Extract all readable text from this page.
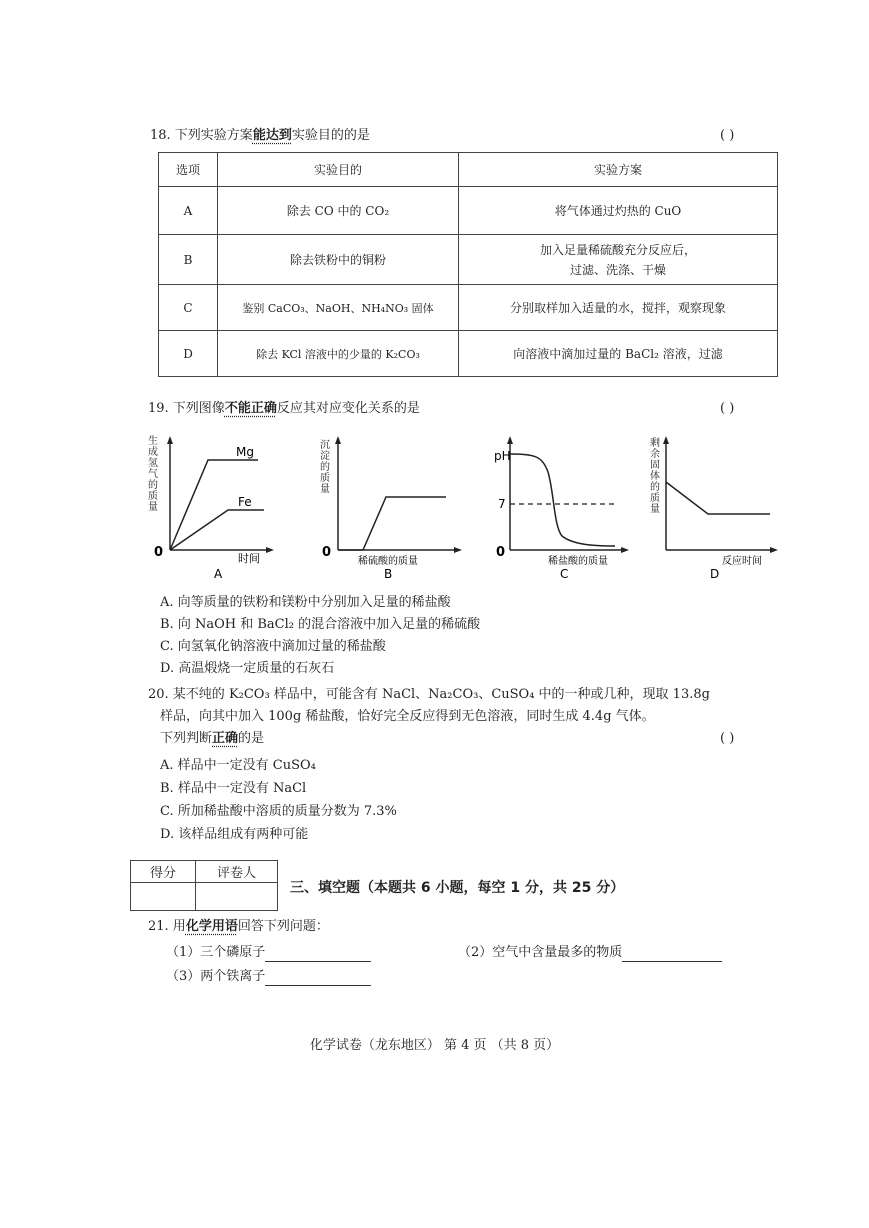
18. 下列实验方案能达到实验目的的是	( )
选项	实验目的	实验方案
A	除去 CO 中的 CO₂	将气体通过灼热的 CuO

B	除去铁粉中的铜粉	加入足量稀硫酸充分反应后，
过滤、洗涤、干燥

C	鉴别 CaCO₃、NaOH、NH₄NO₃ 固体	分别取样加入适量的水，搅拌，观察现象

D	除去 KCl 溶液中的少量的 K₂CO₃	向溶液中滴加过量的 BaCl₂ 溶液，过滤
19. 下列图像不能正确反应其对应变化关系的是	( )
Mg
Fe
0	时间
A
生成氢气的质量
0
稀硫酸的质量
B
沉淀的质量
pH
7
0
稀盐酸的质量
C
反应时间
D
剩余固体的质量
A. 向等质量的铁粉和镁粉中分别加入足量的稀盐酸
B. 向 NaOH 和 BaCl₂ 的混合溶液中加入足量的稀硫酸
C. 向氢氧化钠溶液中滴加过量的稀盐酸
D. 高温煅烧一定质量的石灰石
20. 某不纯的 K₂CO₃ 样品中，可能含有 NaCl、Na₂CO₃、CuSO₄ 中的一种或几种，现取 13.8g
样品，向其中加入 100g 稀盐酸，恰好完全反应得到无色溶液，同时生成 4.4g 气体。
下列判断正确的是	( )
A. 样品中一定没有 CuSO₄
B. 样品中一定没有 NaCl
C. 所加稀盐酸中溶质的质量分数为 7.3%
D. 该样品组成有两种可能
得分	评卷人

三、填空题（本题共 6 小题，每空 1 分，共 25 分）
21. 用化学用语回答下列问题：
（1）三个磷原子	（2）空气中含量最多的物质
（3）两个铁离子
化学试卷（龙东地区） 第 4 页 （共 8 页）
